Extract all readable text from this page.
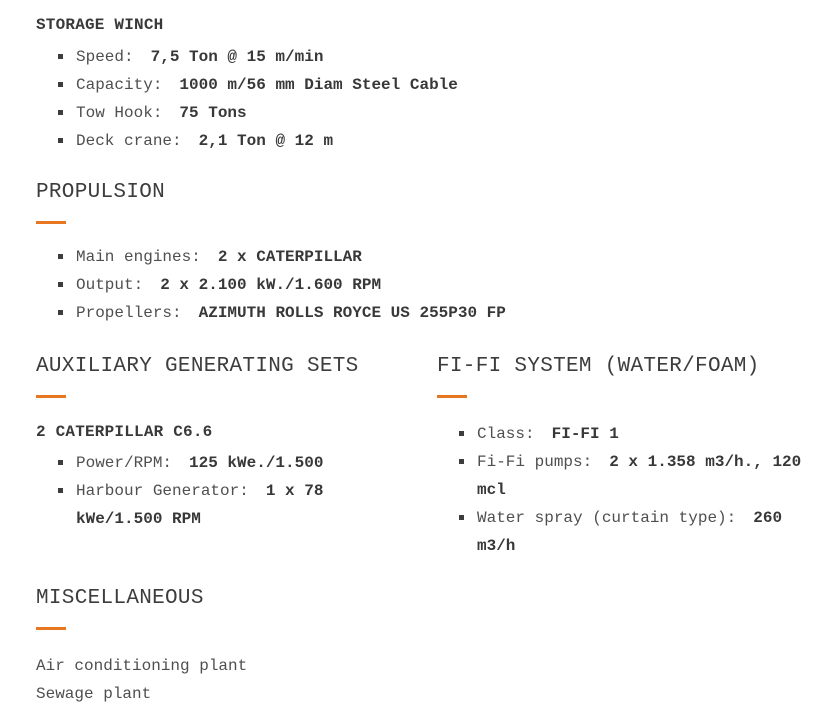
STORAGE WINCH
Speed: 7,5 Ton @ 15 m/min
Capacity: 1000 m/56 mm Diam Steel Cable
Tow Hook: 75 Tons
Deck crane: 2,1 Ton @ 12 m
PROPULSION
Main engines: 2 x CATERPILLAR
Output: 2 x 2.100 kW./1.600 RPM
Propellers: AZIMUTH ROLLS ROYCE US 255P30 FP
AUXILIARY GENERATING SETS
2 CATERPILLAR C6.6
Power/RPM: 125 kWe./1.500
Harbour Generator: 1 x 78 kWe/1.500 RPM
FI-FI SYSTEM (WATER/FOAM)
Class: FI-FI 1
Fi-Fi pumps: 2 x 1.358 m3/h., 120 mcl
Water spray (curtain type): 260 m3/h
MISCELLANEOUS
Air conditioning plant
Sewage plant
